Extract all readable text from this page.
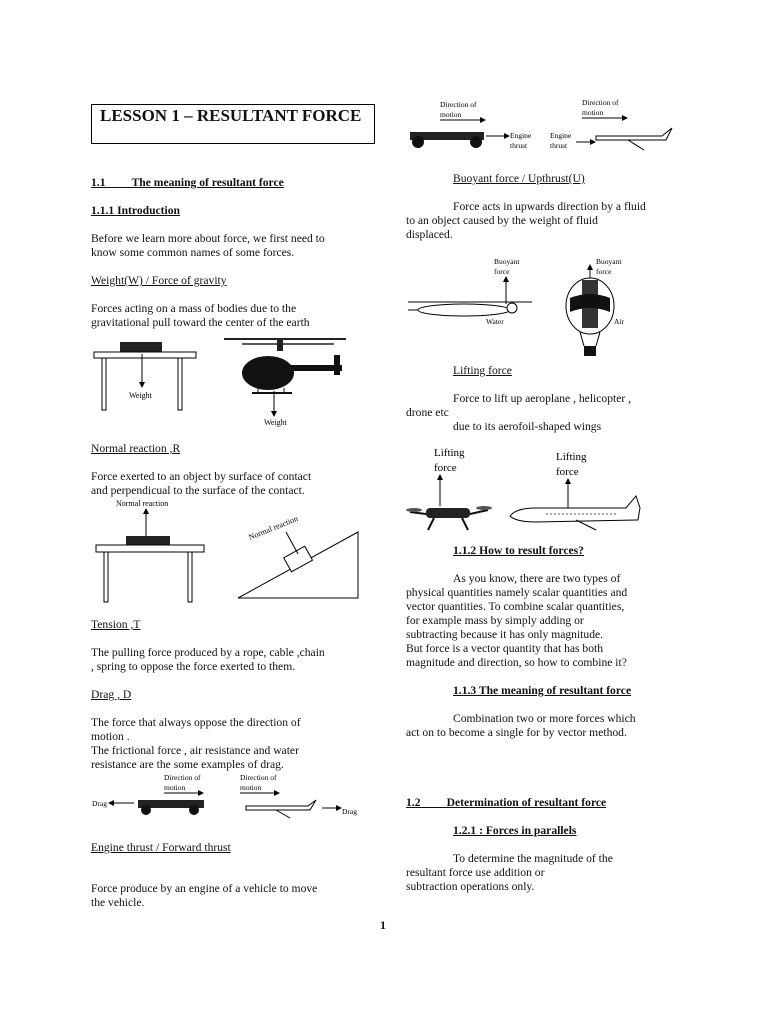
LESSON 1 – RESULTANT FORCE

1.1         The meaning of resultant force

1.1.1 Introduction

Before we learn more about force, we first need to

know some common names of some forces.

Weight(W) / Force of gravity

Forces acting on a mass of bodies due to the

gravitational pull toward the center of the earth

Weight
Weight

Normal reaction ,R

Force exerted to an object by surface of contact

and perpendicual to the surface of the contact.

Normal reaction
Normal reaction

Tension ,T

The pulling force produced by a rope, cable ,chain

, spring to oppose the force exerted to them.

Drag , D

The force that always oppose the direction of

motion .

The frictional force , air resistance and water

resistance are the some examples of drag.

Direction of
motion
Direction of
motion
Drag
Drag

Engine thrust / Forward thrust

Force produce by an engine of a vehicle to move

the vehicle.

Direction of
motion
Direction of
motion
Engine
thrust
Engine
thrust

Buoyant force / Upthrust(U)

Force acts in upwards direction by a fluid

to an object caused by the weight of fluid

displaced.

Buoyant
force
Water
Buoyant
force
Air

Lifting force

Force to lift up aeroplane , helicopter ,

drone etc

due to its aerofoil-shaped wings

Lifting
force
Lifting
force

1.1.2 How to result forces?

As you know, there are two types of

physical quantities namely scalar quantities and

vector quantities. To combine scalar quantities,

for example mass by simply adding or

subtracting because it has only magnitude.

But force is a vector quantity that has both

magnitude and direction, so how to combine it?

1.1.3 The meaning of resultant force

Combination two or more forces which

act on to become a single for by vector method.

1.2         Determination of resultant force

1.2.1 : Forces in parallels

To determine the magnitude of the

resultant force use addition or

subtraction operations only.

1
